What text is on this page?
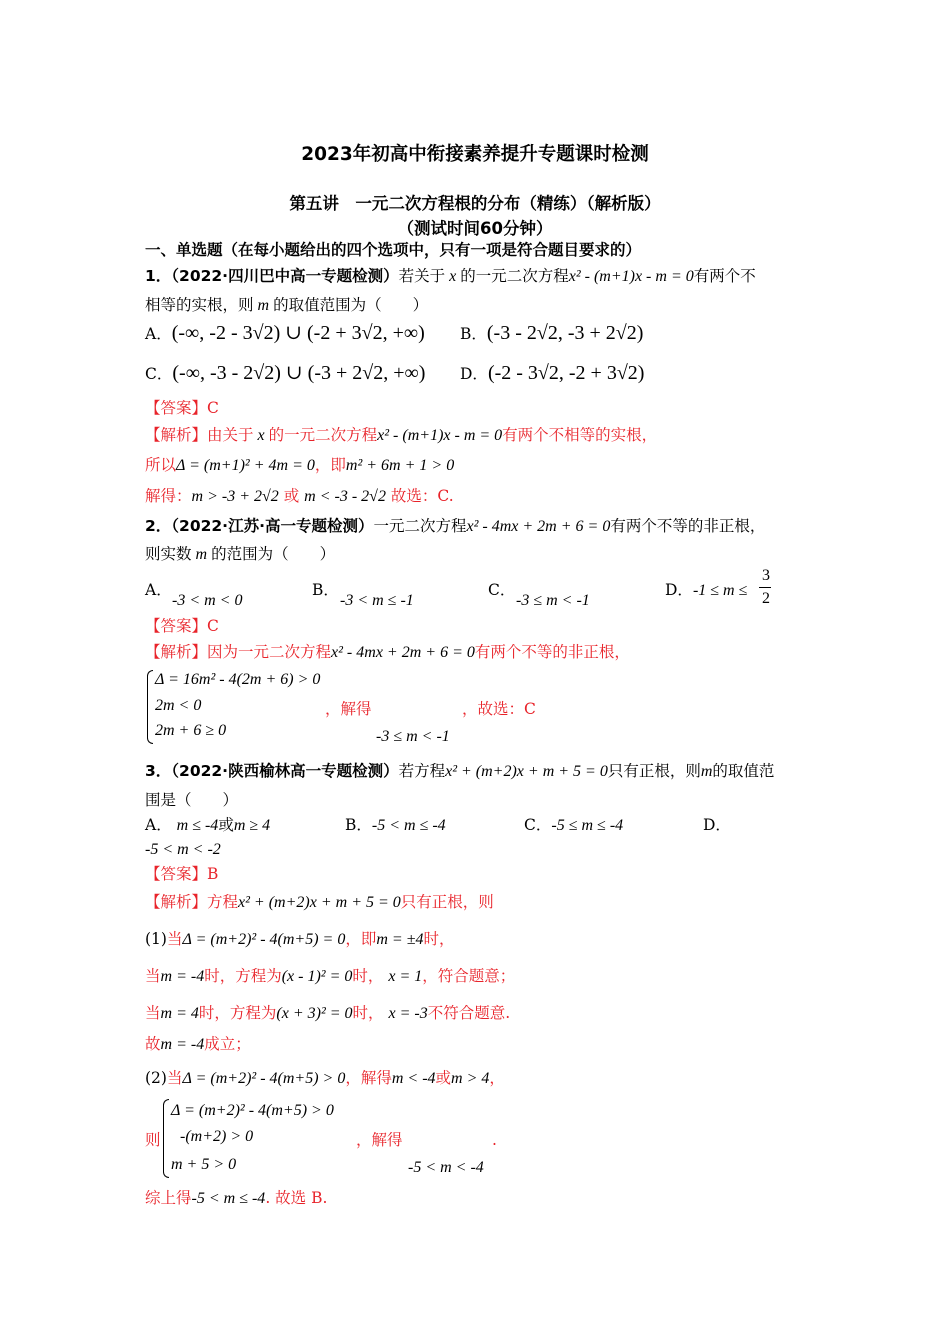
2023年初高中衔接素养提升专题课时检测
第五讲　一元二次方程根的分布（精练）（解析版）
（测试时间60分钟）
一、单选题（在每小题给出的四个选项中，只有一项是符合题目要求的）
1．（2022·四川巴中高一专题检测）若关于 x 的一元二次方程x² - (m+1)x - m = 0有两个不
相等的实根，则 m 的取值范围为（　　）
A．(-∞, -2 - 3√2) ∪ (-2 + 3√2, +∞) B．(-3 - 2√2, -3 + 2√2)
C．(-∞, -3 - 2√2) ∪ (-3 + 2√2, +∞) D．(-2 - 3√2, -2 + 3√2)
【答案】C
【解析】由关于 x 的一元二次方程x² - (m+1)x - m = 0有两个不相等的实根，
所以Δ = (m+1)² + 4m = 0，即m² + 6m + 1 > 0
解得：m > -3 + 2√2 或 m < -3 - 2√2 故选：C.
2．（2022·江苏·高一专题检测）一元二次方程x² - 4mx + 2m + 6 = 0有两个不等的非正根，
则实数 m 的范围为（　　）
A．
-3 < m < 0
B．
-3 < m ≤ -1
C．
-3 ≤ m < -1
D．-1 ≤ m ≤
3
2
【答案】C
【解析】因为一元二次方程x² - 4mx + 2m + 6 = 0有两个不等的非正根，
Δ = 16m² - 4(2m + 6) > 0
2m < 0
2m + 6 ≥ 0
，解得
-3 ≤ m < -1
，故选：C
3．（2022·陕西榆林高一专题检测）若方程x² + (m+2)x + m + 5 = 0只有正根，则m的取值范
围是（　　）
A． m ≤ -4或m ≥ 4	B．-5 < m ≤ -4	C．-5 ≤ m ≤ -4	D．
-5 < m < -2
【答案】B
【解析】方程x² + (m+2)x + m + 5 = 0只有正根，则
(1)当Δ = (m+2)² - 4(m+5) = 0，即m = ±4时，
当m = -4时，方程为(x - 1)² = 0时， x = 1，符合题意；
当m = 4时，方程为(x + 3)² = 0时， x = -3不符合题意.
故m = -4成立；
(2)当Δ = (m+2)² - 4(m+5) > 0，解得m < -4或m > 4，
则
Δ = (m+2)² - 4(m+5) > 0
-(m+2) > 0
m + 5 > 0
，解得
-5 < m < -4
.
综上得-5 < m ≤ -4. 故选 B.
